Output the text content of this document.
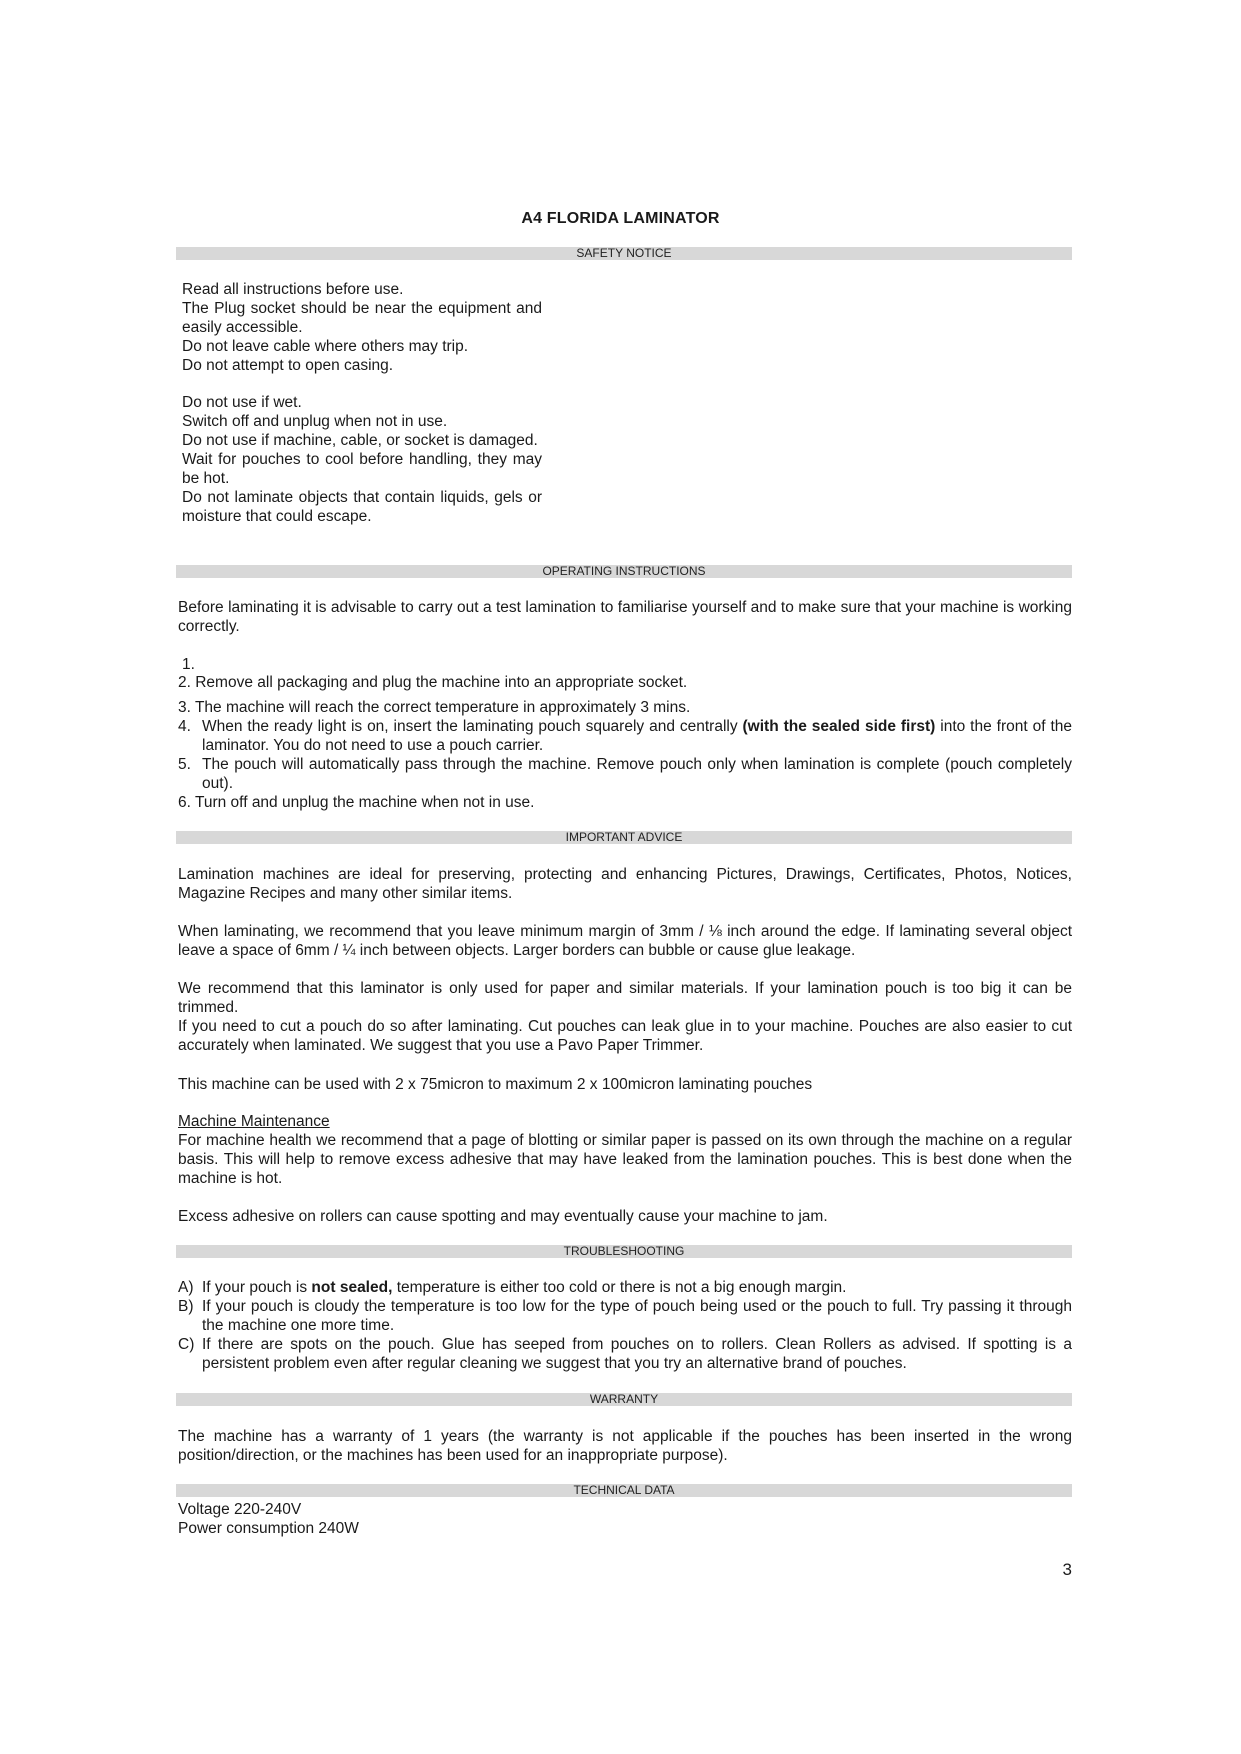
A4 FLORIDA LAMINATOR
SAFETY NOTICE

Read all instructions before use.

The Plug socket should be near the equipment and easily accessible.

Do not leave cable where others may trip.

Do not attempt to open casing.

Do not use if wet.

Switch off and unplug when not in use.

Do not use if machine, cable, or socket is damaged.

Wait for pouches to cool before handling, they may be hot.

Do not laminate objects that contain liquids, gels or moisture that could escape.

OPERATING INSTRUCTIONS
Before laminating it is advisable to carry out a test lamination to familiarise yourself and to make sure that your machine is working correctly.
1.
2. Remove all packaging and plug the machine into an appropriate socket.
3. The machine will reach the correct temperature in approximately 3 mins.
4. When the ready light is on, insert the laminating pouch squarely and centrally (with the sealed side first) into the front of the laminator. You do not need to use a pouch carrier.
5. The pouch will automatically pass through the machine. Remove pouch only when lamination is complete (pouch completely out).
6. Turn off and unplug the machine when not in use.
IMPORTANT ADVICE
Lamination machines are ideal for preserving, protecting and enhancing Pictures, Drawings, Certificates, Photos, Notices, Magazine Recipes and many other similar items.
When laminating, we recommend that you leave minimum margin of 3mm / ⅛ inch around the edge. If laminating several object leave a space of 6mm / ¼ inch between objects. Larger borders can bubble or cause glue leakage.
We recommend that this laminator is only used for paper and similar materials. If your lamination pouch is too big it can be trimmed.
If you need to cut a pouch do so after laminating. Cut pouches can leak glue in to your machine. Pouches are also easier to cut accurately when laminated. We suggest that you use a Pavo Paper Trimmer.
This machine can be used with 2 x 75micron to maximum 2 x 100micron laminating pouches
Machine Maintenance
For machine health we recommend that a page of blotting or similar paper is passed on its own through the machine on a regular basis. This will help to remove excess adhesive that may have leaked from the lamination pouches. This is best done when the machine is hot.
Excess adhesive on rollers can cause spotting and may eventually cause your machine to jam.
TROUBLESHOOTING
A) If your pouch is not sealed, temperature is either too cold or there is not a big enough margin.
B) If your pouch is cloudy the temperature is too low for the type of pouch being used or the pouch to full. Try passing it through the machine one more time.
C) If there are spots on the pouch. Glue has seeped from pouches on to rollers. Clean Rollers as advised. If spotting is a persistent problem even after regular cleaning we suggest that you try an alternative brand of pouches.
WARRANTY
The machine has a warranty of 1 years (the warranty is not applicable if the pouches has been inserted in the wrong position/direction, or the machines has been used for an inappropriate purpose).
TECHNICAL DATA
Voltage 220-240V
Power consumption 240W
3
